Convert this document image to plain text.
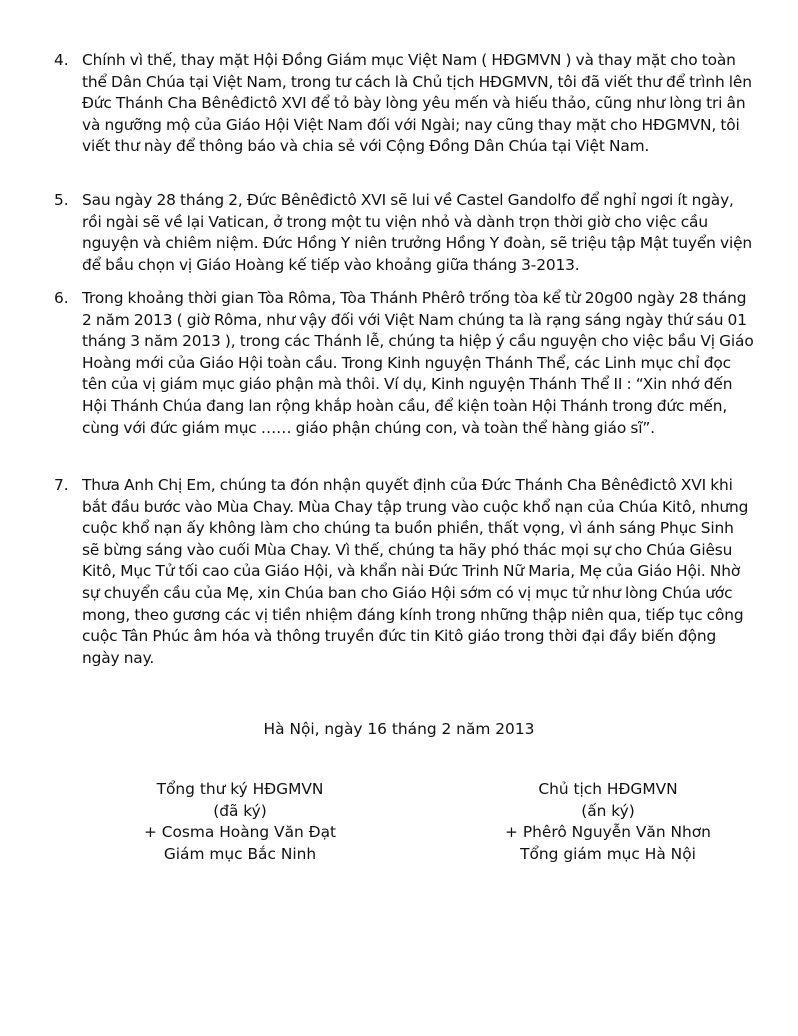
4. Chính vì thế, thay mặt Hội Đồng Giám mục Việt Nam ( HĐGMVN ) và thay mặt cho toàn thể Dân Chúa tại Việt Nam, trong tư cách là Chủ tịch HĐGMVN, tôi đã viết thư để trình lên Đức Thánh Cha Bênêđictô XVI để tỏ bày lòng yêu mến và hiếu thảo, cũng như lòng tri ân và ngưỡng mộ của Giáo Hội Việt Nam đối với Ngài; nay cũng thay mặt cho HĐGMVN, tôi viết thư này để thông báo và chia sẻ với Cộng Đồng Dân Chúa tại Việt Nam.
5. Sau ngày 28 tháng 2, Đức Bênêđictô XVI sẽ lui về Castel Gandolfo để nghỉ ngơi ít ngày, rồi ngài sẽ về lại Vatican, ở trong một tu viện nhỏ và dành trọn thời giờ cho việc cầu nguyện và chiêm niệm. Đức Hồng Y niên trưởng Hồng Y đoàn, sẽ triệu tập Mật tuyển viện để bầu chọn vị Giáo Hoàng kế tiếp vào khoảng giữa tháng 3-2013.
6. Trong khoảng thời gian Tòa Rôma, Tòa Thánh Phêrô trống tòa kể từ 20g00 ngày 28 tháng 2 năm 2013 ( giờ Rôma, như vậy đối với Việt Nam chúng ta là rạng sáng ngày thứ sáu 01 tháng 3 năm 2013 ), trong các Thánh lễ, chúng ta hiệp ý cầu nguyện cho việc bầu Vị Giáo Hoàng mới của Giáo Hội toàn cầu. Trong Kinh nguyện Thánh Thể, các Linh mục chỉ đọc tên của vị giám mục giáo phận mà thôi. Ví dụ, Kinh nguyện Thánh Thể II : “Xin nhớ đến Hội Thánh Chúa đang lan rộng khắp hoàn cầu, để kiện toàn Hội Thánh trong đức mến, cùng với đức giám mục …… giáo phận chúng con, và toàn thể hàng giáo sĩ”.
7. Thưa Anh Chị Em, chúng ta đón nhận quyết định của Đức Thánh Cha Bênêđictô XVI khi bắt đầu bước vào Mùa Chay. Mùa Chay tập trung vào cuộc khổ nạn của Chúa Kitô, nhưng cuộc khổ nạn ấy không làm cho chúng ta buồn phiền, thất vọng, vì ánh sáng Phục Sinh sẽ bừng sáng vào cuối Mùa Chay. Vì thế, chúng ta hãy phó thác mọi sự cho Chúa Giêsu Kitô, Mục Tử tối cao của Giáo Hội, và khẩn nài Đức Trinh Nữ Maria, Mẹ của Giáo Hội. Nhờ sự chuyển cầu của Mẹ, xin Chúa ban cho Giáo Hội sớm có vị mục tử như lòng Chúa ước mong, theo gương các vị tiền nhiệm đáng kính trong những thập niên qua, tiếp tục công cuộc Tân Phúc âm hóa và thông truyền đức tin Kitô giáo trong thời đại đầy biến động ngày nay.
Hà Nội, ngày 16 tháng 2 năm 2013
Tổng thư ký HĐGMVN
(đã ký)
+ Cosma Hoàng Văn Đạt
Giám mục Bắc Ninh
Chủ tịch HĐGMVN
(ấn ký)
+ Phêrô Nguyễn Văn Nhơn
Tổng giám mục Hà Nội
